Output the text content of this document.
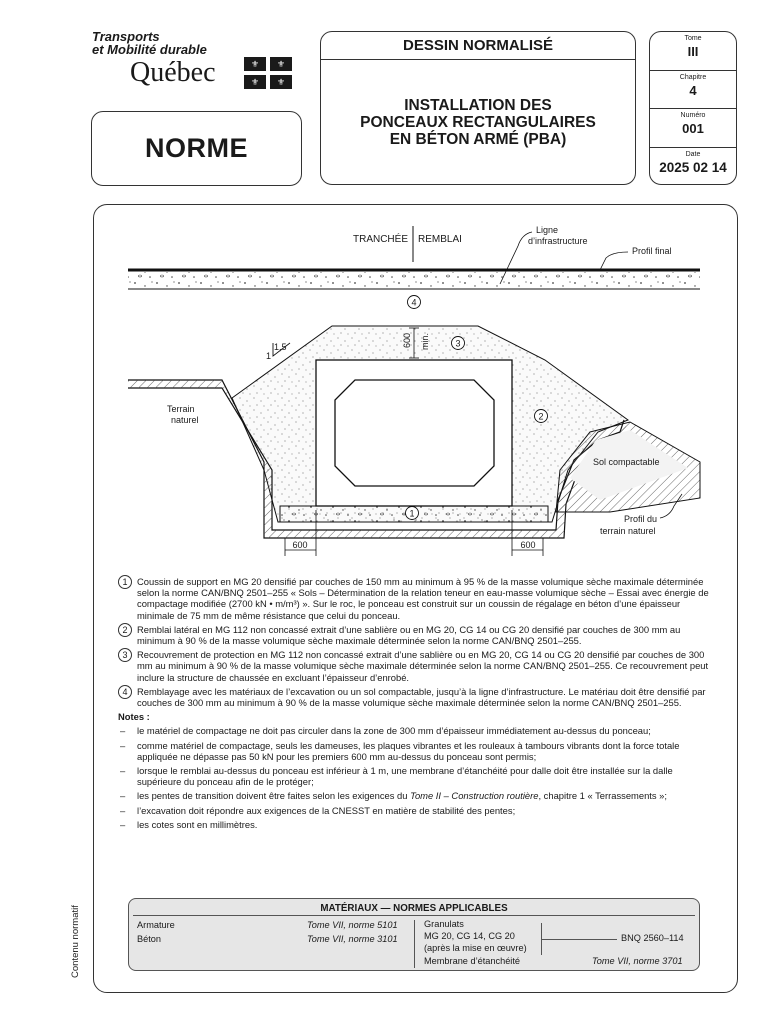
Transports
et Mobilité durable
Québec	⚜ ⚜
⚜ ⚜
NORME
DESSIN NORMALISÉ
INSTALLATION DES
PONCEAUX RECTANGULAIRES
EN BÉTON ARMÉ (PBA)
Tome
III
Chapitre
4
Numéro
001
Date
2025 02 14
TRANCHÉE REMBLAI
Ligne
d’infrastructure
Profil final
4
Terrain
naturel
Sol compactable
Profil du
terrain naturel
1,5
1
600 min.	3
2
1
600	600
1	Coussin de support en MG 20 densifié par couches de 150 mm au minimum à 95 % de la masse volumique sèche maximale déterminée selon la norme CAN/BNQ 2501–255 « Sols – Détermination de la relation teneur en eau-masse volumique sèche – Essai avec énergie de compactage modifiée (2700 kN • m/m³) ». Sur le roc, le ponceau est construit sur un coussin de régalage en béton d’une épaisseur minimale de 75 mm de même résistance que celui du ponceau.
2	Remblai latéral en MG 112 non concassé extrait d’une sablière ou en MG 20, CG 14 ou CG 20 densifié par couches de 300 mm au minimum à 90 % de la masse volumique sèche maximale déterminée selon la norme CAN/BNQ 2501–255.
3	Recouvrement de protection en MG 112 non concassé extrait d’une sablière ou en MG 20, CG 14 ou CG 20 densifié par couches de 300 mm au minimum à 90 % de la masse volumique sèche maximale déterminée selon la norme CAN/BNQ 2501–255. Ce recouvrement peut inclure la structure de chaussée en excluant l’épaisseur d’enrobé.
4	Remblayage avec les matériaux de l’excavation ou un sol compactable, jusqu’à la ligne d’infrastructure. Le matériau doit être densifié par couches de 300 mm au minimum à 90 % de la masse volumique sèche maximale déterminée selon la norme CAN/BNQ 2501–255.
Notes :
–	le matériel de compactage ne doit pas circuler dans la zone de 300 mm d’épaisseur immédiatement au-dessus du ponceau;
–	comme matériel de compactage, seuls les dameuses, les plaques vibrantes et les rouleaux à tambours vibrants dont la force totale appliquée ne dépasse pas 50 kN pour les premiers 600 mm au-dessus du ponceau sont permis;
–	lorsque le remblai au-dessus du ponceau est inférieur à 1 m, une membrane d’étanchéité pour dalle doit être installée sur la dalle supérieure du ponceau afin de le protéger;
–	les pentes de transition doivent être faites selon les exigences du Tome II – Construction routière, chapitre 1 « Terrassements »;
–	l’excavation doit répondre aux exigences de la CNESST en matière de stabilité des pentes;
–	les cotes sont en millimètres.
MATÉRIAUX — NORMES APPLICABLES
Armature	Tome VII, norme 5101
Béton	Tome VII, norme 3101
Granulats
MG 20, CG 14, CG 20
(après la mise en œuvre)
BNQ 2560–114
Membrane d’étanchéité	Tome VII, norme 3701
Contenu normatif
